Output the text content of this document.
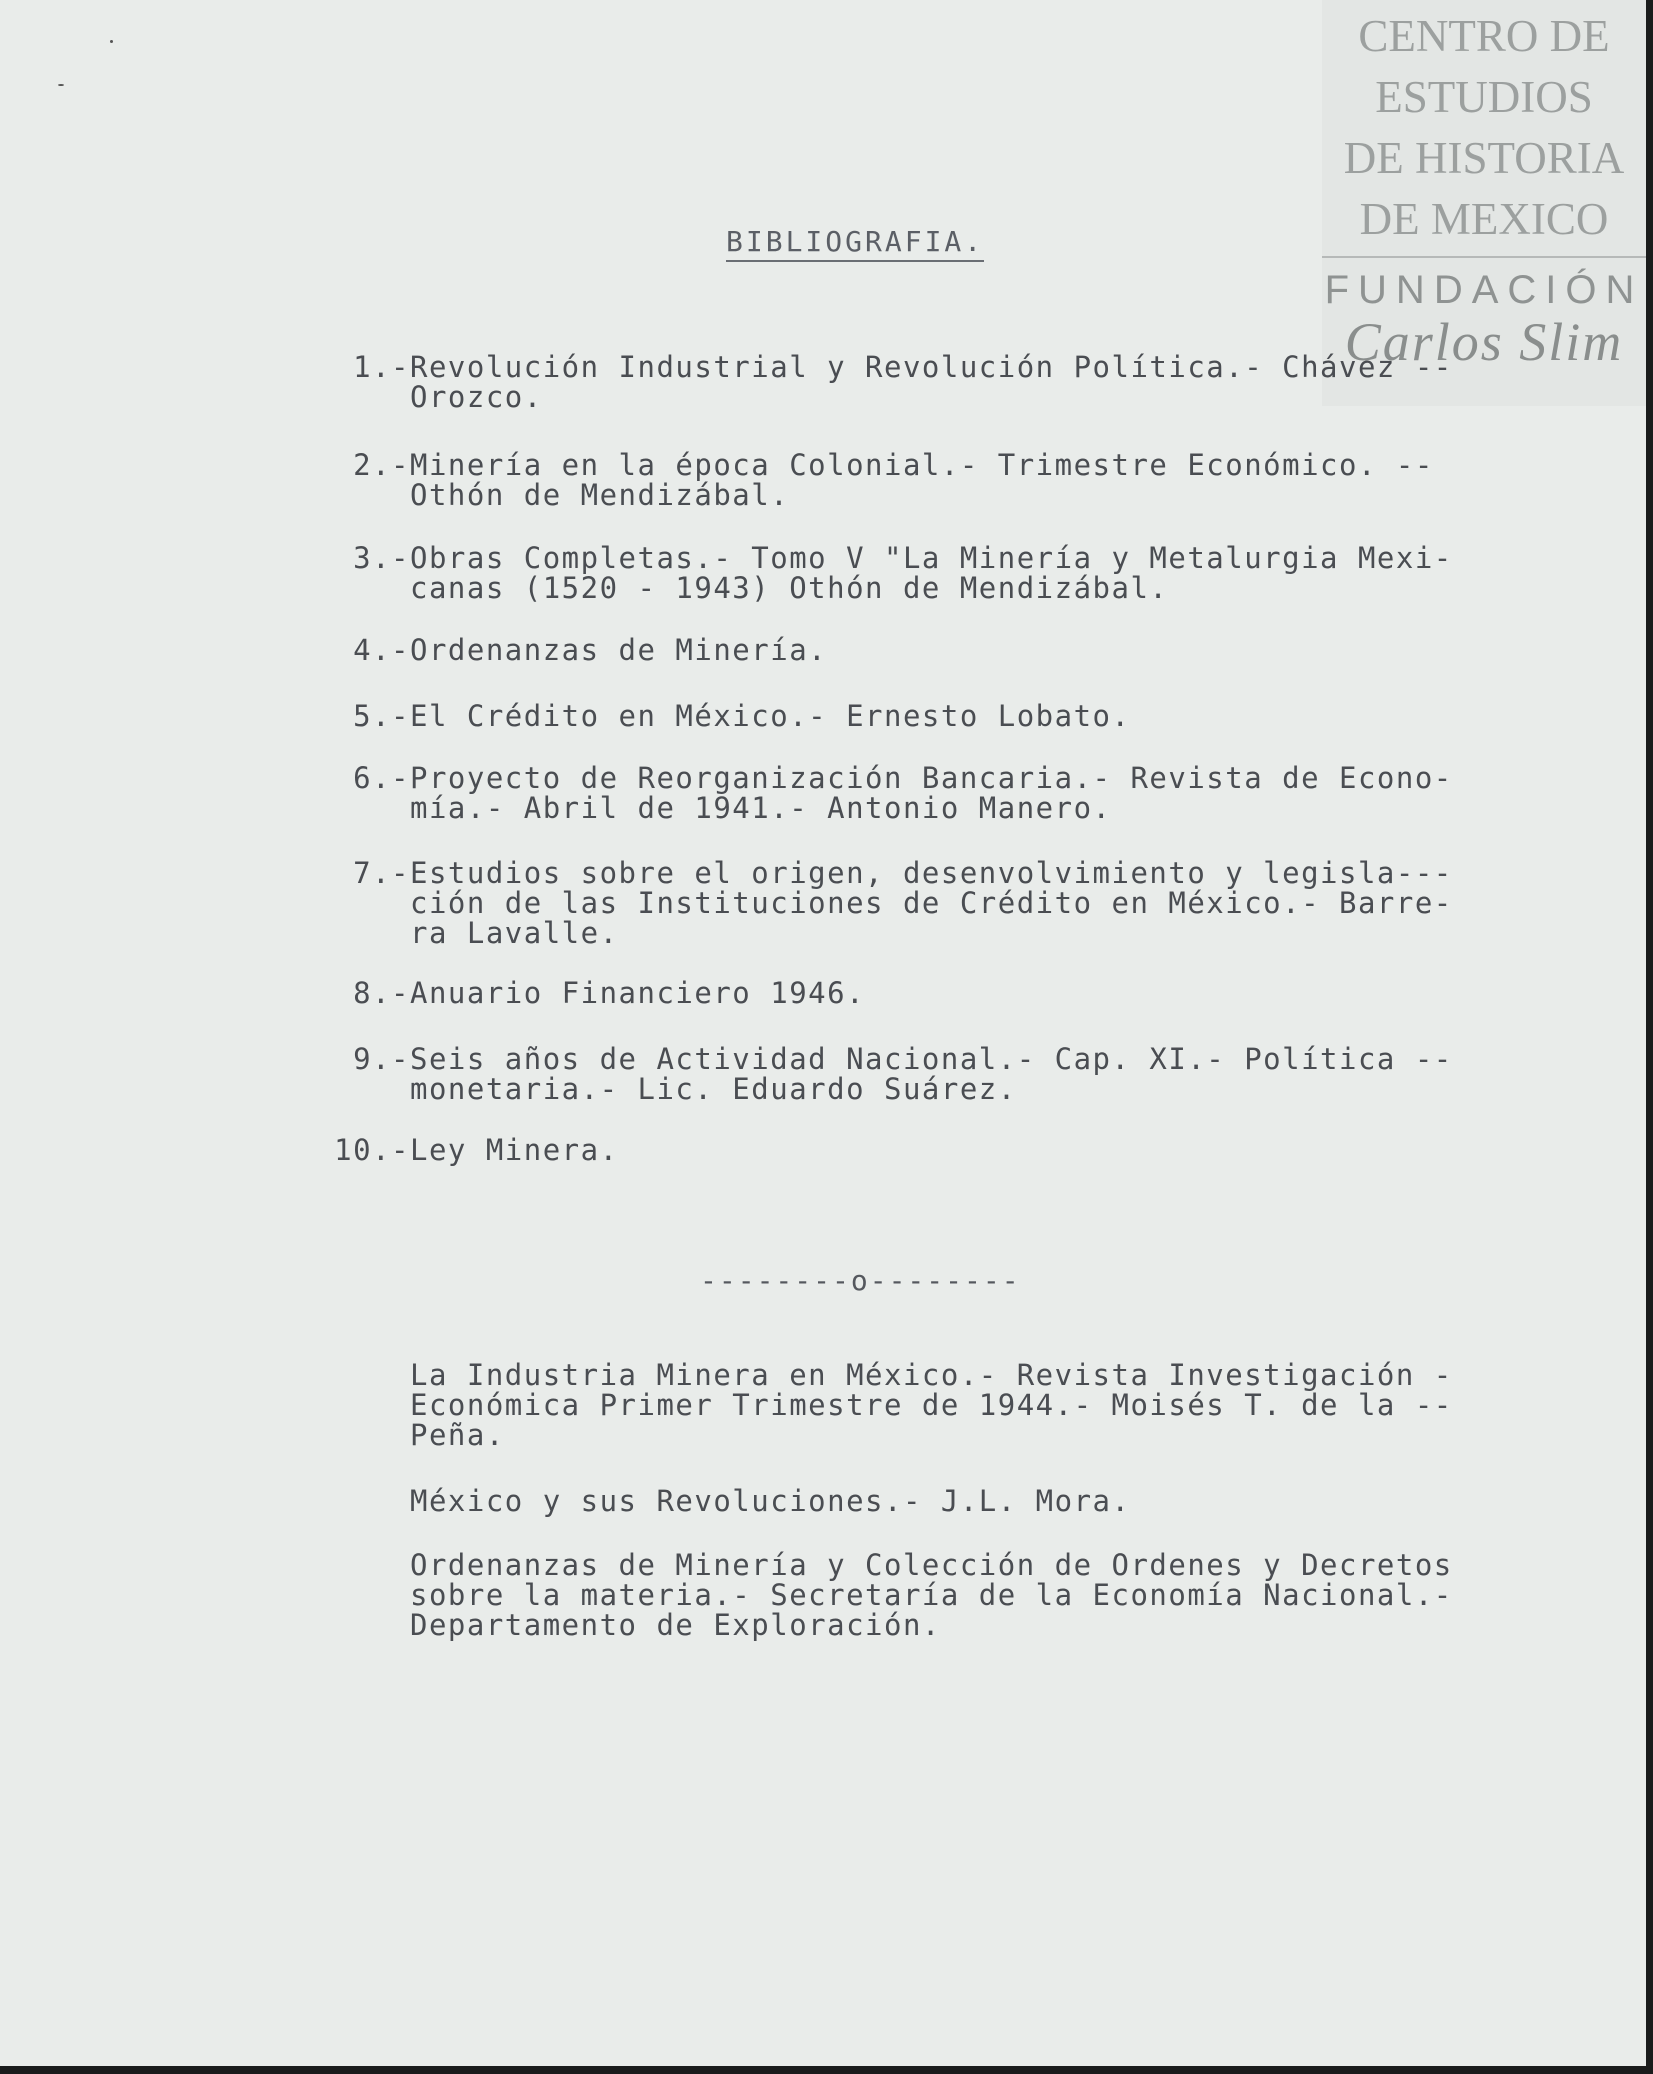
CENTRO DE
ESTUDIOS
DE HISTORIA
DE MEXICO
FUNDACIÓN
Carlos Slim
BIBLIOGRAFIA.
1.- Revolución Industrial y Revolución Política.- Chávez --
Orozco.
2.- Minería en la época Colonial.- Trimestre Económico. --
Othón de Mendizábal.
3.- Obras Completas.- Tomo V "La Minería y Metalurgia Mexi-
canas (1520 - 1943) Othón de Mendizábal.
4.- Ordenanzas de Minería.
5.- El Crédito en México.- Ernesto Lobato.
6.- Proyecto de Reorganización Bancaria.- Revista de Econo-
mía.- Abril de 1941.- Antonio Manero.
7.- Estudios sobre el origen, desenvolvimiento y legisla---
ción de las Instituciones de Crédito en México.- Barre-
ra Lavalle.
8.- Anuario Financiero 1946.
9.- Seis años de Actividad Nacional.- Cap. XI.- Política --
monetaria.- Lic. Eduardo Suárez.
10.- Ley Minera.
--------o--------
La Industria Minera en México.- Revista Investigación -
Económica Primer Trimestre de 1944.- Moisés T. de la --
Peña.
México y sus Revoluciones.- J.L. Mora.
Ordenanzas de Minería y Colección de Ordenes y Decretos
sobre la materia.- Secretaría de la Economía Nacional.-
Departamento de Exploración.
